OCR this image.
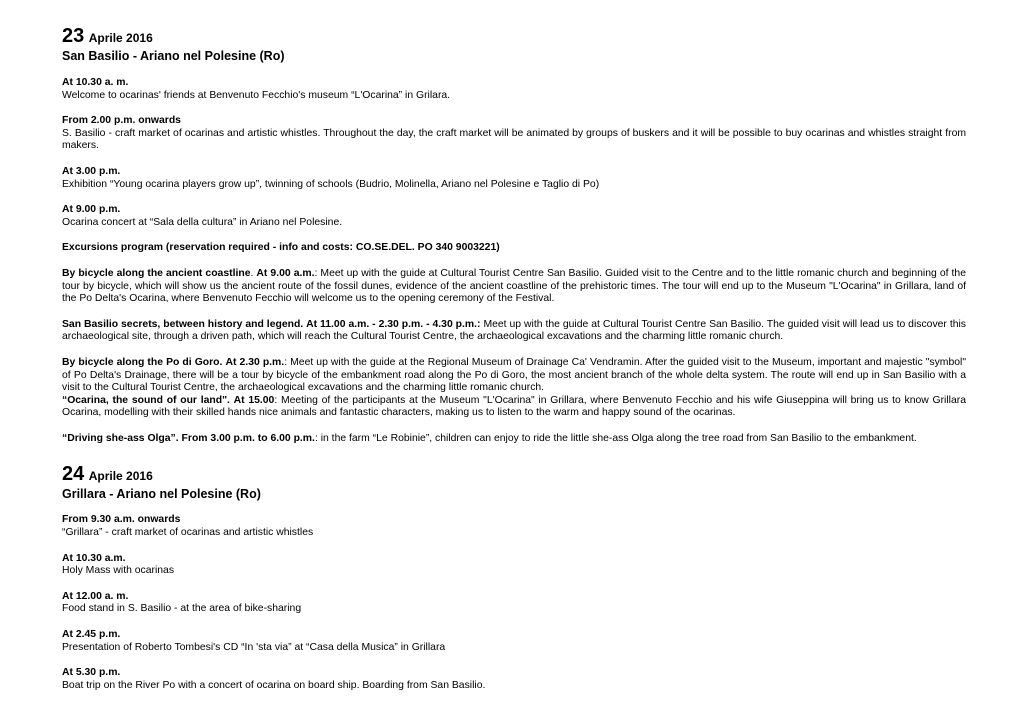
23 Aprile 2016
San Basilio - Ariano nel Polesine (Ro)
At 10.30 a. m.
Welcome to ocarinas' friends at Benvenuto Fecchio's museum “L'Ocarina” in Grilara.
From 2.00 p.m. onwards
S. Basilio - craft market of ocarinas and artistic whistles. Throughout the day, the craft market will be animated by groups of buskers and it will be possible to buy ocarinas and whistles straight from makers.
At 3.00 p.m.
Exhibition “Young ocarina players grow up”, twinning of schools (Budrio, Molinella, Ariano nel Polesine e Taglio di Po)
At 9.00 p.m.
Ocarina concert at “Sala della cultura” in Ariano nel Polesine.
Excursions program (reservation required - info and costs: CO.SE.DEL. PO 340 9003221)
By bicycle along the ancient coastline. At 9.00 a.m.: Meet up with the guide at Cultural Tourist Centre San Basilio. Guided visit to the Centre and to the little romanic church and beginning of the tour by bicycle, which will show us the ancient route of the fossil dunes, evidence of the ancient coastline of the prehistoric times. The tour will end up to the Museum "L'Ocarina" in Grillara, land of the Po Delta's Ocarina, where Benvenuto Fecchio will welcome us to the opening ceremony of the Festival.
San Basilio secrets, between history and legend. At 11.00 a.m. - 2.30 p.m. - 4.30 p.m.: Meet up with the guide at Cultural Tourist Centre San Basilio. The guided visit will lead us to discover this archaeological site, through a driven path, which will reach the Cultural Tourist Centre, the archaeological excavations and the charming little romanic church.
By bicycle along the Po di Goro. At 2.30 p.m.: Meet up with the guide at the Regional Museum of Drainage Ca' Vendramin. After the guided visit to the Museum, important and majestic "symbol" of Po Delta's Drainage, there will be a tour by bicycle of the embankment road along the Po di Goro, the most ancient branch of the whole delta system. The route will end up in San Basilio with a visit to the Cultural Tourist Centre, the archaeological excavations and the charming little romanic church.
“Ocarina, the sound of our land". At 15.00: Meeting of the participants at the Museum "L'Ocarina" in Grillara, where Benvenuto Fecchio and his wife Giuseppina will bring us to know Grillara Ocarina, modelling with their skilled hands nice animals and fantastic characters, making us to listen to the warm and happy sound of the ocarinas.
“Driving she-ass Olga”. From 3.00 p.m. to 6.00 p.m.: in the farm “Le Robinie”, children can enjoy to ride the little she-ass Olga along the tree road from San Basilio to the embankment.
24 Aprile 2016
Grillara - Ariano nel Polesine (Ro)
From 9.30 a.m. onwards
“Grillara” - craft market of ocarinas and artistic whistles
At 10.30 a.m.
Holy Mass with ocarinas
At 12.00 a. m.
Food stand in S. Basilio - at the area of bike-sharing
At 2.45 p.m.
Presentation of Roberto Tombesi's CD “In 'sta via” at “Casa della Musica” in Grillara
At 5.30 p.m.
Boat trip on the River Po with a concert of ocarina on board ship. Boarding from San Basilio.
